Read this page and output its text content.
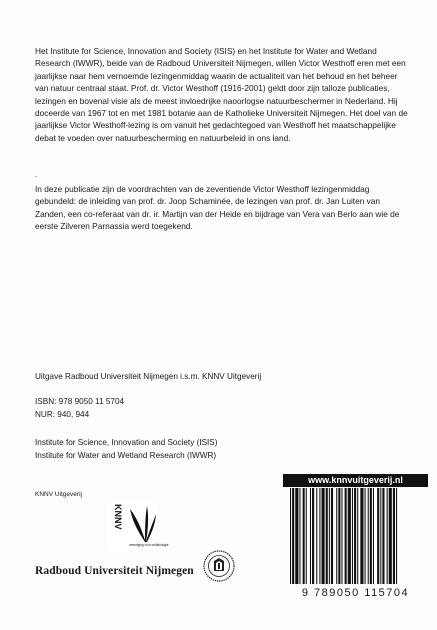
Het Institute for Science, Innovation and Society (ISIS) en het Institute for Water and Wetland Research (IWWR), beide van de Radboud Universiteit Nijmegen, willen Victor Westhoff eren met een jaarlijkse naar hem vernoemde lezingenmiddag waarin de actualiteit van het behoud en het beheer van natuur centraal staat. Prof. dr. Victor Westhoff (1916-2001) geldt door zijn talloze publicaties, lezingen en bovenal visie als de meest invloedrijke naoorlogse natuurbeschermer in Nederland. Hij doceerde van 1967 tot en met 1981 botanie aan de Katholieke Universiteit Nijmegen. Het doel van de jaarlijkse Victor Westhoff-lezing is om vanuit het gedachtegoed van Westhoff het maatschappelijke debat te voeden over natuurbescherming en natuurbeleid in ons land.

.

In deze publicatie zijn de voordrachten van de zeventiende Victor Westhoff lezingenmiddag gebundeld: de inleiding van prof. dr. Joop Schaminée, de lezingen van prof. dr. Jan Luiten van Zanden, een co-referaat van dr. ir. Martijn van der Heide en bijdrage van Vera van Berlo aan wie de eerste Zilveren Parnassia werd toegekend.

Uitgave Radboud Universiteit Nijmegen i.s.m. KNNV Uitgeverij

ISBN: 978 9050 11 5704

NUR: 940, 944

Institute for Science, Innovation and Society (ISIS)

Institute for Water and Wetland Research (IWWR)

KNNV Uitgeverij
KNNV
vereniging voor veldbiologie
Radboud Universiteit Nijmegen
www.knnvuitgeverij.nl
9 789050 115704
